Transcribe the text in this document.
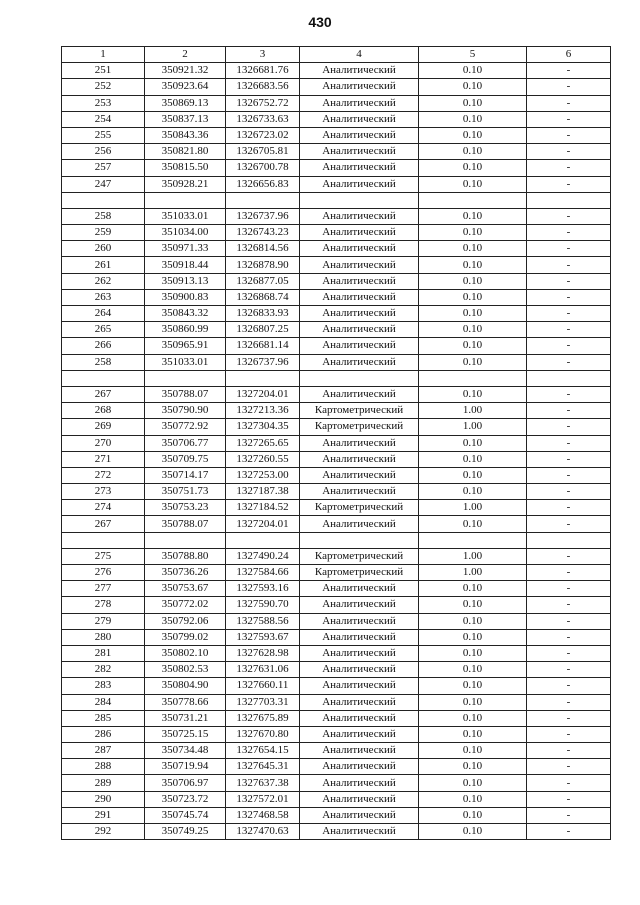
430
1	2	3	4	5	6
251	350921.32	1326681.76	Аналитический	0.10	-
252	350923.64	1326683.56	Аналитический	0.10	-
253	350869.13	1326752.72	Аналитический	0.10	-
254	350837.13	1326733.63	Аналитический	0.10	-
255	350843.36	1326723.02	Аналитический	0.10	-
256	350821.80	1326705.81	Аналитический	0.10	-
257	350815.50	1326700.78	Аналитический	0.10	-
247	350928.21	1326656.83	Аналитический	0.10	-

258	351033.01	1326737.96	Аналитический	0.10	-
259	351034.00	1326743.23	Аналитический	0.10	-
260	350971.33	1326814.56	Аналитический	0.10	-
261	350918.44	1326878.90	Аналитический	0.10	-
262	350913.13	1326877.05	Аналитический	0.10	-
263	350900.83	1326868.74	Аналитический	0.10	-
264	350843.32	1326833.93	Аналитический	0.10	-
265	350860.99	1326807.25	Аналитический	0.10	-
266	350965.91	1326681.14	Аналитический	0.10	-
258	351033.01	1326737.96	Аналитический	0.10	-

267	350788.07	1327204.01	Аналитический	0.10	-
268	350790.90	1327213.36	Картометрический	1.00	-
269	350772.92	1327304.35	Картометрический	1.00	-
270	350706.77	1327265.65	Аналитический	0.10	-
271	350709.75	1327260.55	Аналитический	0.10	-
272	350714.17	1327253.00	Аналитический	0.10	-
273	350751.73	1327187.38	Аналитический	0.10	-
274	350753.23	1327184.52	Картометрический	1.00	-
267	350788.07	1327204.01	Аналитический	0.10	-

275	350788.80	1327490.24	Картометрический	1.00	-
276	350736.26	1327584.66	Картометрический	1.00	-
277	350753.67	1327593.16	Аналитический	0.10	-
278	350772.02	1327590.70	Аналитический	0.10	-
279	350792.06	1327588.56	Аналитический	0.10	-
280	350799.02	1327593.67	Аналитический	0.10	-
281	350802.10	1327628.98	Аналитический	0.10	-
282	350802.53	1327631.06	Аналитический	0.10	-
283	350804.90	1327660.11	Аналитический	0.10	-
284	350778.66	1327703.31	Аналитический	0.10	-
285	350731.21	1327675.89	Аналитический	0.10	-
286	350725.15	1327670.80	Аналитический	0.10	-
287	350734.48	1327654.15	Аналитический	0.10	-
288	350719.94	1327645.31	Аналитический	0.10	-
289	350706.97	1327637.38	Аналитический	0.10	-
290	350723.72	1327572.01	Аналитический	0.10	-
291	350745.74	1327468.58	Аналитический	0.10	-
292	350749.25	1327470.63	Аналитический	0.10	-
